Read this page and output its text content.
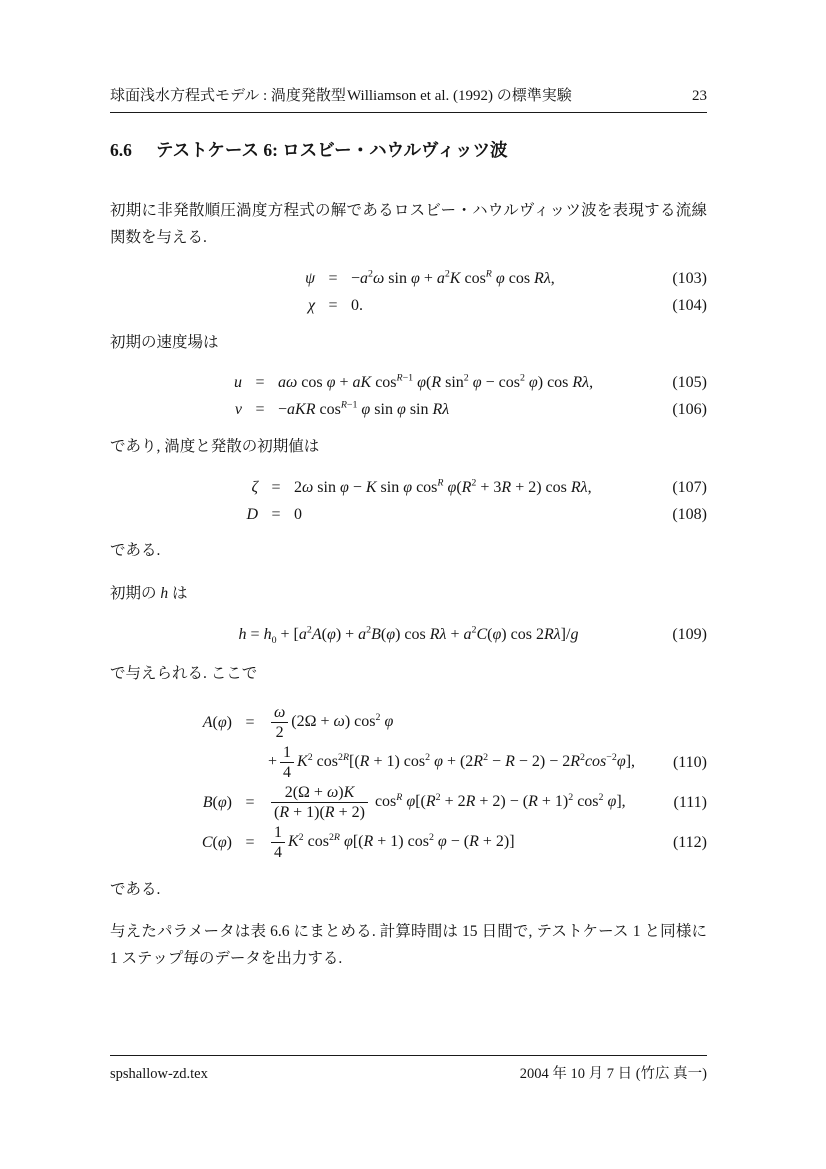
球面浅水方程式モデル : 渦度発散型 Williamson et al. (1992) の標準実験	23
6.6 テストケース 6: ロスビー・ハウルヴィッツ波

初期に非発散順圧渦度方程式の解であるロスビー・ハウルヴィッツ波を表現する流線関数を与える.

$\psi = -a^2\omega$ $\sin \varphi + a^2K$ $\cos^R \varphi$ cos Rλ,	(103)
χ = 0.	(104)

初期の速度場は

u = aω cos φ + aK $\cos^{R-1} \varphi(R$ $\sin^2 \varphi - \cos^2 \varphi$) cos Rλ,	(105)
v = −aKR $\cos^{R-1} \varphi$ sin φ sin Rλ	(106)

であり, 渦度と発散の初期値は

ζ = 2ω sin φ − K sin φ $\cos^R \varphi(R^2 + 3R + 2)$ cos Rλ,	(107)
D = 0	(108)

である.

初期の h は

$h = h_0 + [a^2A(\varphi) + a^2B(\varphi)$ $\cos R\lambda + a^2C(\varphi)$ cos 2Rλ]/g	(109)

で与えられる. ここで

A(φ) =	$\frac{\omega}{2} (2\Omega + \omega)$ $\cos^2 \varphi$
+ $\frac{1}{4} K^2$ $\cos^{2R}[(R + 1)$ $\cos^2 \varphi + (2R^2 - R - 2) - 2R^2\cos^{-2}\varphi$],	(110)
B(φ) =	$\frac{2(\Omega + \omega)K}{(R + 1)(R + 2)} \cos^R \varphi[(R^2 + 2R + 2) - (R + 1)^2$ $\cos^2 \varphi$],	(111)
C(φ) =	$\frac{1}{4} K^2$ $\cos^{2R} \varphi[(R + 1)$ $\cos^2 \varphi - (R + 2)$]	(112)

である.

与えたパラメータは表 6.6 にまとめる. 計算時間は 15 日間で, テストケース 1 と同様に 1 ステップ毎のデータを出力する.

spshallow-zd.tex	2004 年 10 月 7 日 (竹広 真一)
